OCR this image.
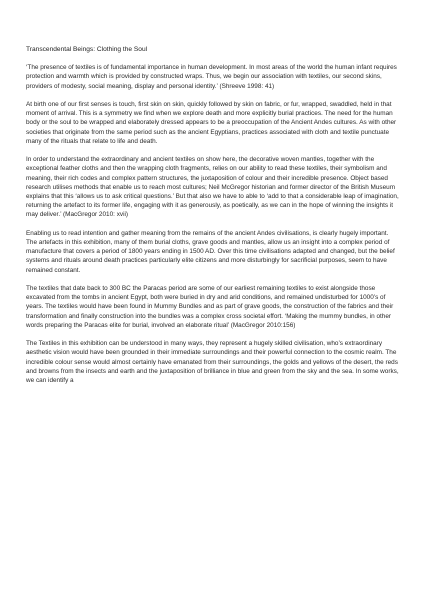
Transcendental Beings: Clothing the Soul

‘The presence of textiles is of fundamental importance in human development. In most areas of the world the human infant requires protection and warmth which is provided by constructed wraps. Thus, we begin our association with textiles, our second skins, providers of modesty, social meaning, display and personal identity.’ (Shreeve 1998: 41)

At birth one of our first senses is touch, first skin on skin, quickly followed by skin on fabric, or fur, wrapped, swaddled, held in that moment of arrival. This is a symmetry we find when we explore death and more explicitly burial practices. The need for the human body or the soul to be wrapped and elaborately dressed appears to be a preoccupation of the Ancient Andes cultures. As with other societies that originate from the same period such as the ancient Egyptians, practices associated with cloth and textile punctuate many of the rituals that relate to life and death.

In order to understand the extraordinary and ancient textiles on show here, the decorative woven mantles, together with the exceptional feather cloths and then the wrapping cloth fragments, relies on our ability to read these textiles, their symbolism and meaning, their rich codes and complex pattern structures, the juxtaposition of colour and their incredible presence. Object based research utilises methods that enable us to reach most cultures; Neil McGregor historian and former director of the British Museum explains that this ‘allows us to ask critical questions.’ But that also we have to able to ‘add to that a considerable leap of imagination, returning the artefact to its former life, engaging with it as generously, as poetically, as we can in the hope of winning the insights it may deliver.’ (MacGregor 2010: xvii)

Enabling us to read intention and gather meaning from the remains of the ancient Andes civilisations, is clearly hugely important. The artefacts in this exhibition, many of them burial cloths, grave goods and mantles, allow us an insight into a complex period of manufacture that covers a period of 1800 years ending in 1500 AD. Over this time civilisations adapted and changed, but the belief systems and rituals around death practices particularly elite citizens and more disturbingly for sacrificial purposes, seem to have remained constant.

The textiles that date back to 300 BC the Paracas period are some of our earliest remaining textiles to exist alongside those excavated from the tombs in ancient Egypt, both were buried in dry and arid conditions, and remained undisturbed for 1000’s of years. The textiles would have been found in Mummy Bundles and as part of grave goods, the construction of the fabrics and their transformation and finally construction into the bundles was a complex cross societal effort. ‘Making the mummy bundles, in other words preparing the Paracas elite for burial, involved an elaborate ritual’ (MacGregor 2010:156)

The Textiles in this exhibition can be understood in many ways, they represent a hugely skilled civilisation, who’s extraordinary aesthetic vision would have been grounded in their immediate surroundings and their powerful connection to the cosmic realm. The incredible colour sense would almost certainly have emanated from their surroundings, the golds and yellows of the desert, the reds and browns from the insects and earth and the juxtaposition of brilliance in blue and green from the sky and the sea. In some works, we can identify a
